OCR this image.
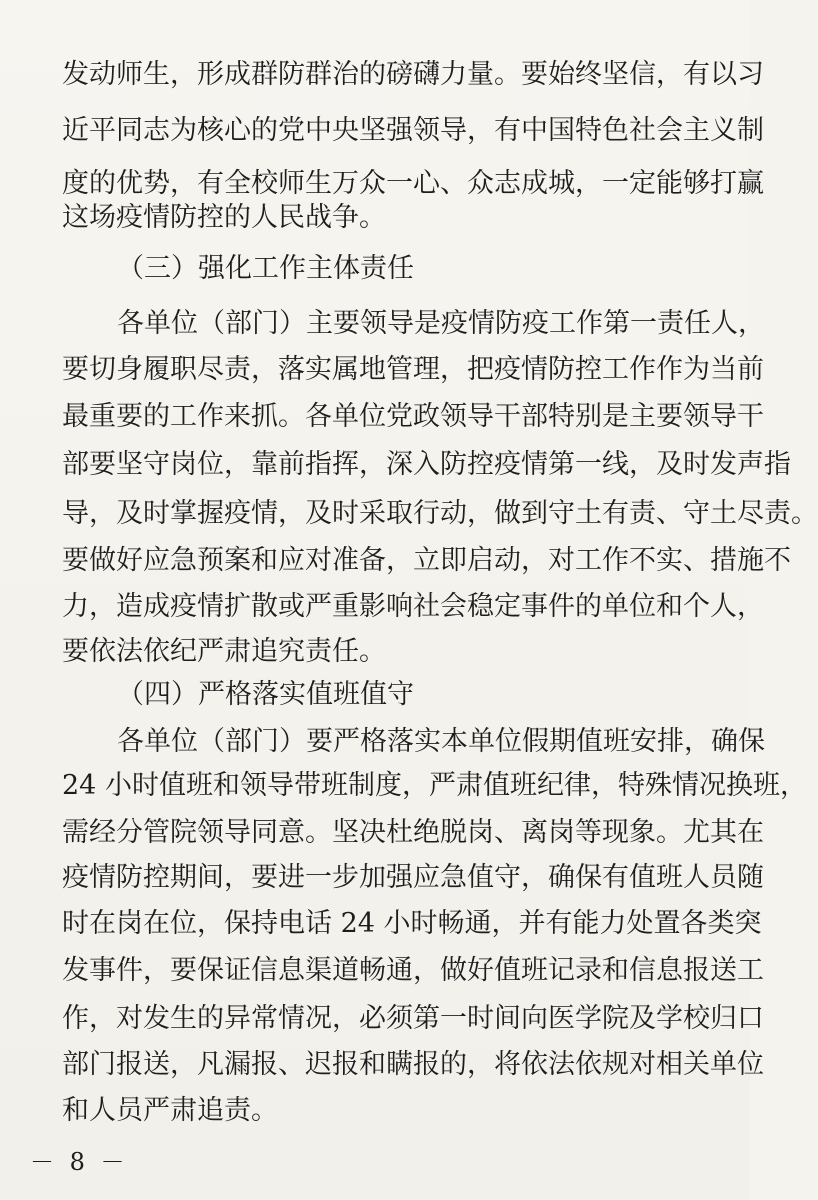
发动师生，形成群防群治的磅礴力量。要始终坚信，有以习
近平同志为核心的党中央坚强领导，有中国特色社会主义制
度的优势，有全校师生万众一心、众志成城，一定能够打赢
这场疫情防控的人民战争。
（三）强化工作主体责任
各单位（部门）主要领导是疫情防疫工作第一责任人，
要切身履职尽责，落实属地管理，把疫情防控工作作为当前
最重要的工作来抓。各单位党政领导干部特别是主要领导干
部要坚守岗位，靠前指挥，深入防控疫情第一线，及时发声指
导，及时掌握疫情，及时采取行动，做到守土有责、守土尽责。
要做好应急预案和应对准备，立即启动，对工作不实、措施不
力，造成疫情扩散或严重影响社会稳定事件的单位和个人，
要依法依纪严肃追究责任。
（四）严格落实值班值守
各单位（部门）要严格落实本单位假期值班安排，确保
24 小时值班和领导带班制度，严肃值班纪律，特殊情况换班，
需经分管院领导同意。坚决杜绝脱岗、离岗等现象。尤其在
疫情防控期间，要进一步加强应急值守，确保有值班人员随
时在岗在位，保持电话 24 小时畅通，并有能力处置各类突
发事件，要保证信息渠道畅通，做好值班记录和信息报送工
作，对发生的异常情况，必须第一时间向医学院及学校归口
部门报送，凡漏报、迟报和瞒报的，将依法依规对相关单位
和人员严肃追责。
－ 8 －
